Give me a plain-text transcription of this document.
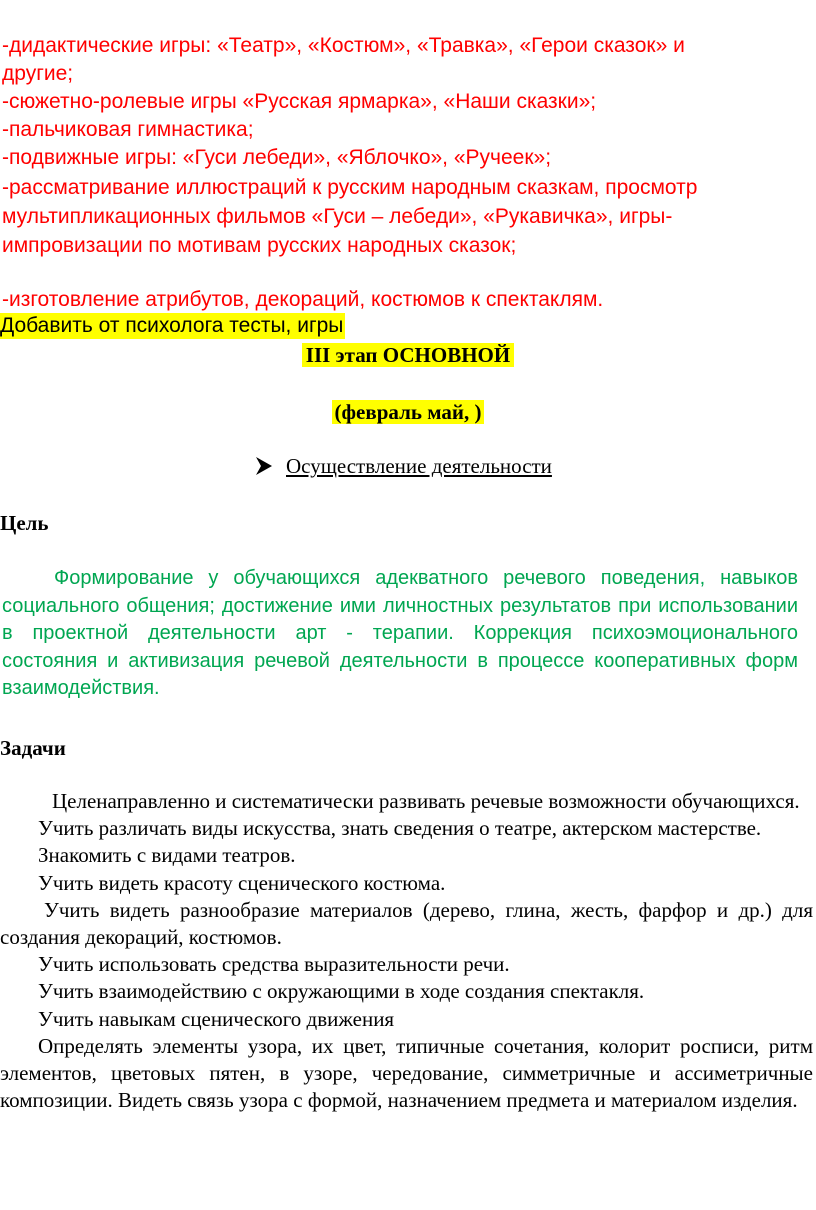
-дидактические игры: «Театр», «Костюм», «Травка», «Герои сказок» и
другие;
-сюжетно-ролевые игры «Русская ярмарка», «Наши сказки»;
-пальчиковая гимнастика;
-подвижные игры: «Гуси лебеди», «Яблочко», «Ручеек»;
-рассматривание иллюстраций к русским народным сказкам, просмотр
мультипликационных фильмов «Гуси – лебеди», «Рукавичка», игры-
импровизации по мотивам русских народных сказок;
-изготовление атрибутов, декораций, костюмов к спектаклям.
Добавить от психолога тесты, игры
III этап ОСНОВНОЙ
(февраль май, )
Осуществление деятельности
Цель
Формирование у обучающихся адекватного речевого поведения, навыков социального общения; достижение ими личностных результатов при использовании в проектной деятельности арт - терапии. Коррекция психоэмоционального состояния и активизация речевой деятельности в процессе кооперативных форм взаимодействия.
Задачи

Целенаправленно и систематически развивать речевые возможности обучающихся.

Учить различать виды искусства, знать сведения о театре, актерском мастерстве.

Знакомить с видами театров.

Учить видеть красоту сценического костюма.

Учить видеть разнообразие материалов (дерево, глина, жесть, фарфор и др.) для создания декораций, костюмов.

Учить использовать средства выразительности речи.

Учить взаимодействию с окружающими в ходе создания спектакля.

Учить навыкам сценического движения

Определять элементы узора, их цвет, типичные сочетания, колорит росписи, ритм элементов, цветовых пятен, в узоре, чередование, симметричные и ассиметричные композиции. Видеть связь узора с формой, назначением предмета и материалом изделия.
